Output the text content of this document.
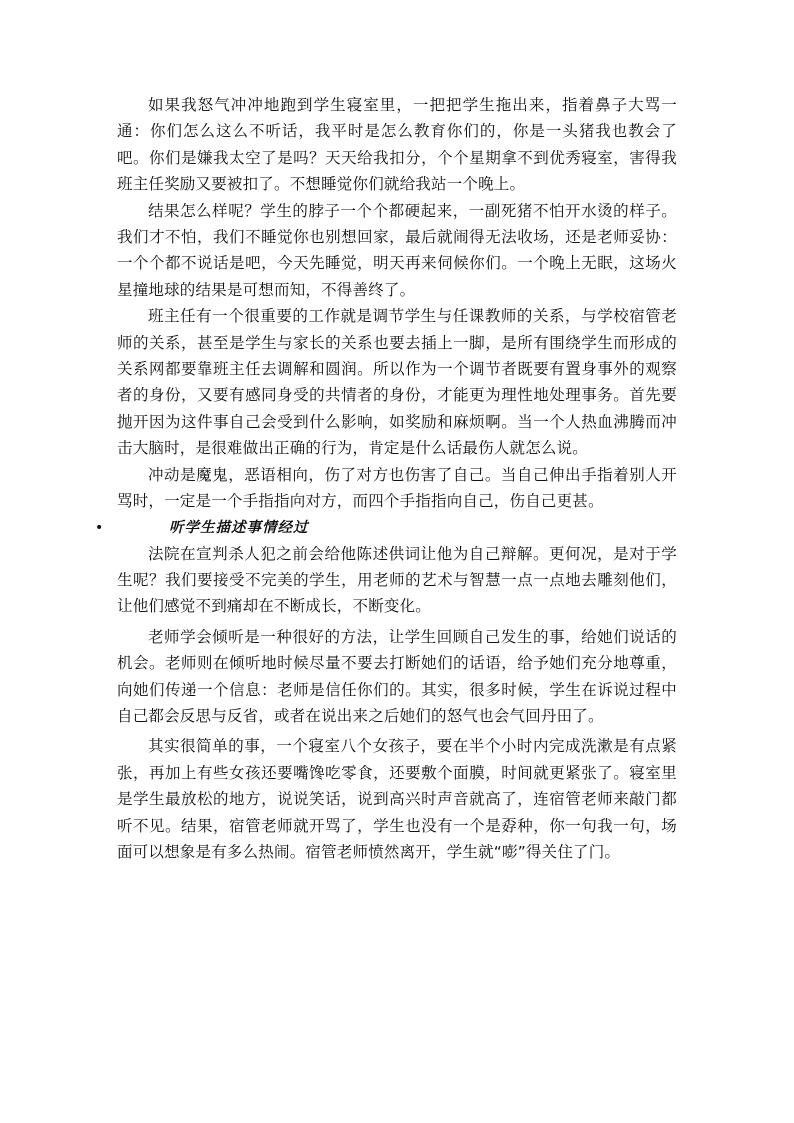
如果我怒气冲冲地跑到学生寝室里，一把把学生拖出来，指着鼻子大骂一通：你们怎么这么不听话，我平时是怎么教育你们的，你是一头猪我也教会了吧。你们是嫌我太空了是吗？天天给我扣分，个个星期拿不到优秀寝室，害得我班主任奖励又要被扣了。不想睡觉你们就给我站一个晚上。

结果怎么样呢？学生的脖子一个个都硬起来，一副死猪不怕开水烫的样子。我们才不怕，我们不睡觉你也别想回家，最后就闹得无法收场，还是老师妥协：一个个都不说话是吧，今天先睡觉，明天再来伺候你们。一个晚上无眠，这场火星撞地球的结果是可想而知，不得善终了。

班主任有一个很重要的工作就是调节学生与任课教师的关系，与学校宿管老师的关系，甚至是学生与家长的关系也要去插上一脚，是所有围绕学生而形成的关系网都要靠班主任去调解和圆润。所以作为一个调节者既要有置身事外的观察者的身份，又要有感同身受的共情者的身份，才能更为理性地处理事务。首先要抛开因为这件事自己会受到什么影响，如奖励和麻烦啊。当一个人热血沸腾而冲击大脑时，是很难做出正确的行为，肯定是什么话最伤人就怎么说。

冲动是魔鬼，恶语相向，伤了对方也伤害了自己。当自己伸出手指着别人开骂时，一定是一个手指指向对方，而四个手指指向自己，伤自己更甚。

•	听学生描述事情经过

法院在宣判杀人犯之前会给他陈述供词让他为自己辩解。更何况，是对于学生呢？我们要接受不完美的学生，用老师的艺术与智慧一点一点地去雕刻他们，让他们感觉不到痛却在不断成长，不断变化。

老师学会倾听是一种很好的方法，让学生回顾自己发生的事，给她们说话的机会。老师则在倾听地时候尽量不要去打断她们的话语，给予她们充分地尊重，向她们传递一个信息：老师是信任你们的。其实，很多时候，学生在诉说过程中自己都会反思与反省，或者在说出来之后她们的怒气也会气回丹田了。

其实很简单的事，一个寝室八个女孩子，要在半个小时内完成洗漱是有点紧张，再加上有些女孩还要嘴馋吃零食，还要敷个面膜，时间就更紧张了。寝室里是学生最放松的地方，说说笑话，说到高兴时声音就高了，连宿管老师来敲门都听不见。结果，宿管老师就开骂了，学生也没有一个是孬种，你一句我一句，场面可以想象是有多么热闹。宿管老师愤然离开，学生就“嘭”得关住了门。
